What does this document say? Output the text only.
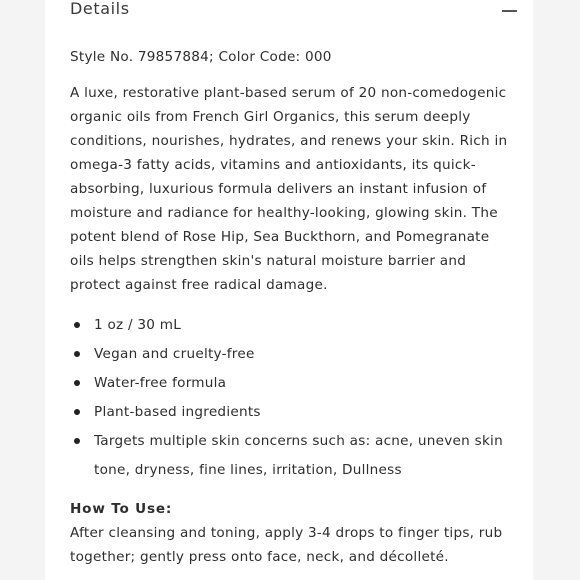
Details

Style No. 79857884; Color Code: 000

A luxe, restorative plant-based serum of 20 non-comedogenic organic oils from French Girl Organics, this serum deeply conditions, nourishes, hydrates, and renews your skin. Rich in omega-3 fatty acids, vitamins and antioxidants, its quick-absorbing, luxurious formula delivers an instant infusion of moisture and radiance for healthy-looking, glowing skin. The potent blend of Rose Hip, Sea Buckthorn, and Pomegranate oils helps strengthen skin's natural moisture barrier and protect against free radical damage.

1 oz / 30 mL
Vegan and cruelty-free
Water-free formula
Plant-based ingredients
Targets multiple skin concerns such as: acne, uneven skin tone, dryness, fine lines, irritation, Dullness

How To Use:

After cleansing and toning, apply 3-4 drops to finger tips, rub together; gently press onto face, neck, and décolleté.
